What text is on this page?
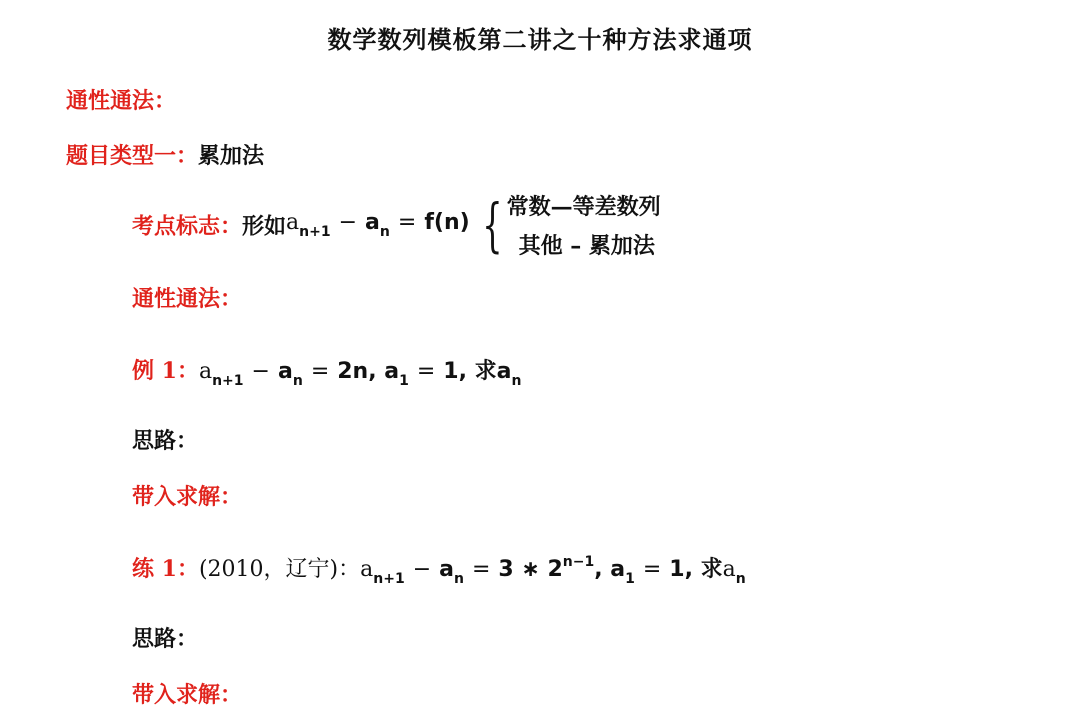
数学数列模板第二讲之十种方法求通项
通性通法：
题目类型一：累加法
考点标志：形如$a_{n+1} - a_n = f(n)$ { 常数—等差数列
其他 – 累加法
通性通法：
例 1：$a_{n+1} - a_n = 2n$, $a_1 = 1$, 求$a_n$
思路：
带入求解：
练 1：(2010，辽宁)：$a_{n+1} - a_n = 3$ ∗ $2^{n-1}$, $a_1 = 1$, 求$a_n$
思路：
带入求解：
